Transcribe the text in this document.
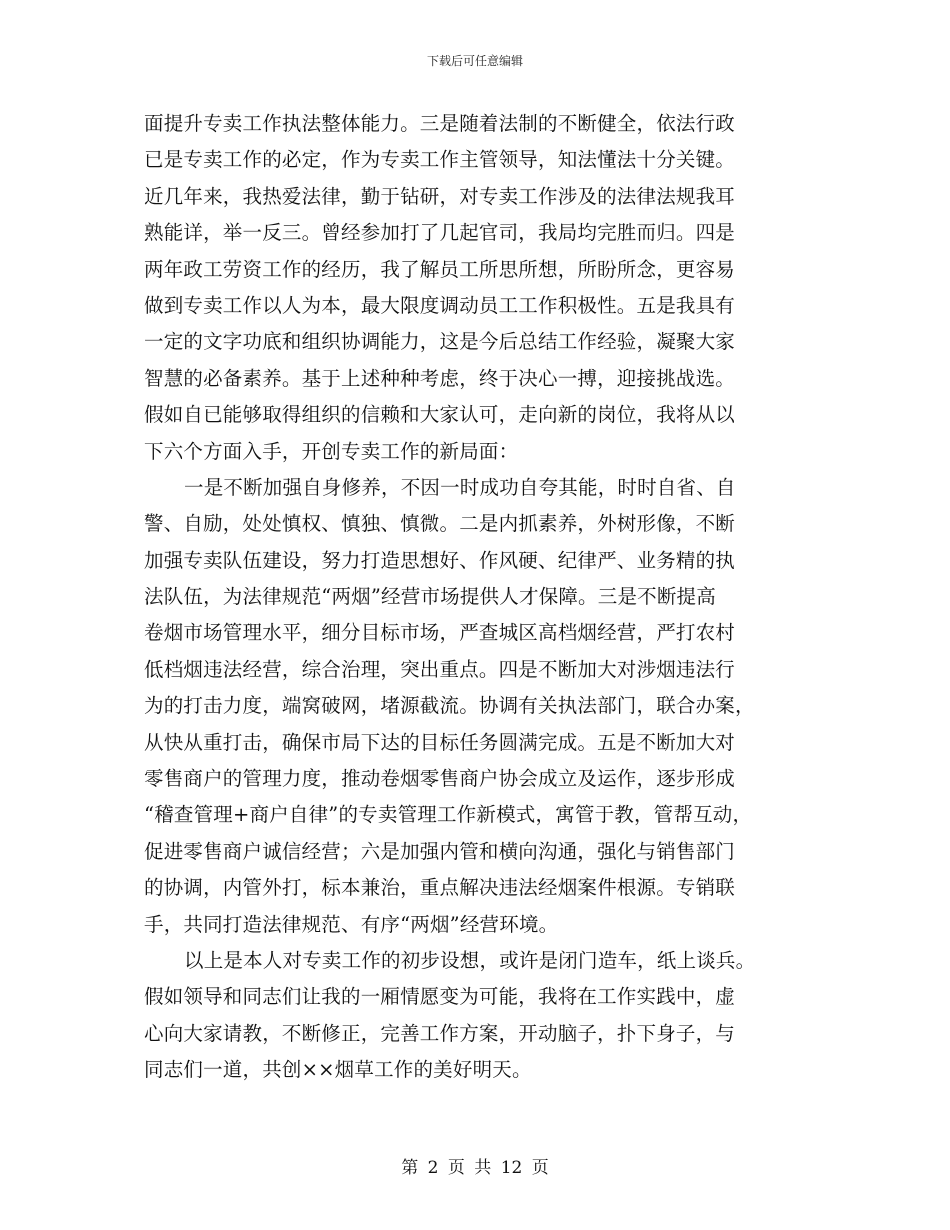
下载后可任意编辑
面提升专卖工作执法整体能力。三是随着法制的不断健全，依法行政
已是专卖工作的必定，作为专卖工作主管领导，知法懂法十分关键。
近几年来，我热爱法律，勤于钻研，对专卖工作涉及的法律法规我耳
熟能详，举一反三。曾经参加打了几起官司，我局均完胜而归。四是
两年政工劳资工作的经历，我了解员工所思所想，所盼所念，更容易
做到专卖工作以人为本，最大限度调动员工工作积极性。五是我具有
一定的文字功底和组织协调能力，这是今后总结工作经验，凝聚大家
智慧的必备素养。基于上述种种考虑，终于决心一搏，迎接挑战选。
假如自已能够取得组织的信赖和大家认可，走向新的岗位，我将从以
下六个方面入手，开创专卖工作的新局面：
一是不断加强自身修养，不因一时成功自夸其能，时时自省、自
警、自励，处处慎权、慎独、慎微。二是内抓素养，外树形像，不断
加强专卖队伍建设，努力打造思想好、作风硬、纪律严、业务精的执
法队伍，为法律规范“两烟”经营市场提供人才保障。三是不断提高
卷烟市场管理水平，细分目标市场，严查城区高档烟经营，严打农村
低档烟违法经营，综合治理，突出重点。四是不断加大对涉烟违法行
为的打击力度，端窝破网，堵源截流。协调有关执法部门，联合办案，
从快从重打击，确保市局下达的目标任务圆满完成。五是不断加大对
零售商户的管理力度，推动卷烟零售商户协会成立及运作，逐步形成
“稽查管理+商户自律”的专卖管理工作新模式，寓管于教，管帮互动，
促进零售商户诚信经营；六是加强内管和横向沟通，强化与销售部门
的协调，内管外打，标本兼治，重点解决违法经烟案件根源。专销联
手，共同打造法律规范、有序“两烟”经营环境。
以上是本人对专卖工作的初步设想，或许是闭门造车，纸上谈兵。
假如领导和同志们让我的一厢情愿变为可能，我将在工作实践中，虚
心向大家请教，不断修正，完善工作方案，开动脑子，扑下身子，与
同志们一道，共创××烟草工作的美好明天。
第 2 页 共 12 页
